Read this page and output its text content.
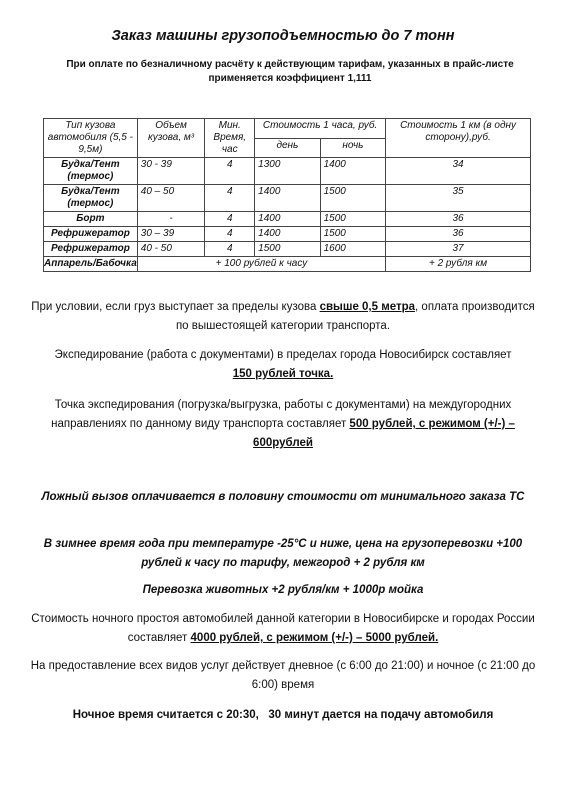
Заказ машины грузоподъемностью до 7 тонн
При оплате по безналичному расчёту к действующим тарифам, указанных в прайс-листе
применяется коэффициент 1,111
Тип кузова автомобиля (5,5 - 9,5м)	Объем кузова, м³	Мин. Время, час	Стоимость 1 часа, руб.		Стоимость 1 км (в одну сторону),руб.
			день	ночь	
Будка/Тент (термос)	30 - 39	4	1300	1400	34
Будка/Тент (термос)	40 – 50	4	1400	1500	35
Борт	-	4	1400	1500	36
Рефрижератор	30 – 39	4	1400	1500	36
Рефрижератор	40 - 50	4	1500	1600	37
Аппарель/Бабочка	+ 100 рублей к часу				+ 2 рубля км
При условии, если груз выступает за пределы кузова свыше 0,5 метра, оплата производится по вышестоящей категории транспорта.
Экспедирование (работа с документами) в пределах города Новосибирск составляет
150 рублей точка.
Точка экспедирования (погрузка/выгрузка, работы с документами) на междугородних направлениях по данному виду транспорта составляет 500 рублей, с режимом (+/-) – 600рублей
Ложный вызов оплачивается в половину стоимости от минимального заказа ТС
В зимнее время года при температуре -25°С и ниже, цена на грузоперевозки +100 рублей к часу по тарифу, межгород + 2 рубля км
Перевозка животных +2 рубля/км + 1000р мойка
Стоимость ночного простоя автомобилей данной категории в Новосибирске и городах России составляет 4000 рублей, с режимом (+/-) – 5000 рублей.
На предоставление всех видов услуг действует дневное (с 6:00 до 21:00) и ночное (с 21:00 до 6:00) время
Ночное время считается с 20:30,   30 минут дается на подачу автомобиля
